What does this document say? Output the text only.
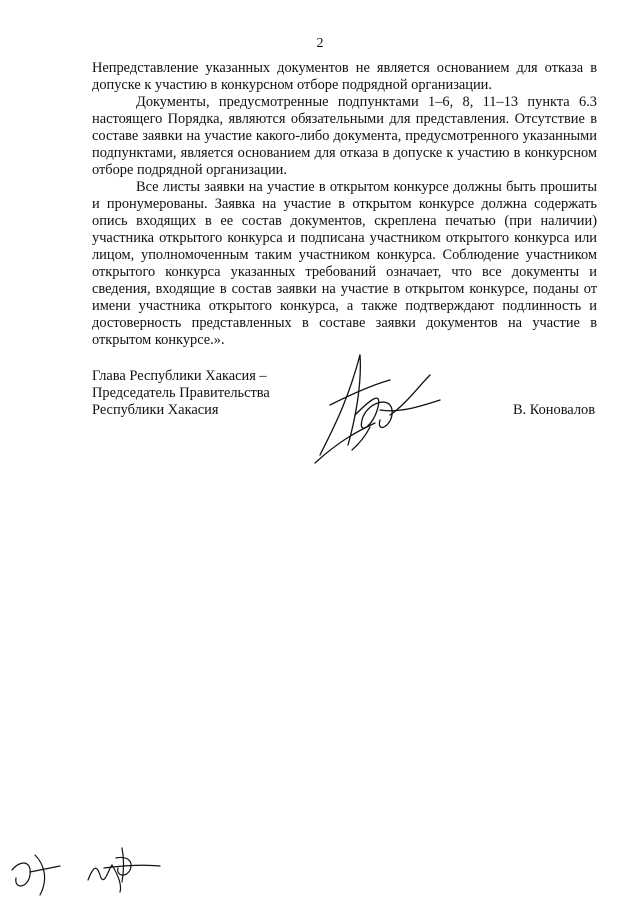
2

Непредставление указанных документов не является основанием для отказа в допуске к участию в конкурсном отборе подрядной организации.

Документы, предусмотренные подпунктами 1–6, 8, 11–13 пункта 6.3 настоящего Порядка, являются обязательными для представления. Отсутствие в составе заявки на участие какого-либо документа, предусмотренного указанными подпунктами, является основанием для отказа в допуске к участию в конкурсном отборе подрядной организации.

Все листы заявки на участие в открытом конкурсе должны быть прошиты и пронумерованы. Заявка на участие в открытом конкурсе должна содержать опись входящих в ее состав документов, скреплена печатью (при наличии) участника открытого конкурса и подписана участником открытого конкурса или лицом, уполномоченным таким участником конкурса. Соблюдение участником открытого конкурса указанных требований означает, что все документы и сведения, входящие в состав заявки на участие в открытом конкурсе, поданы от имени участника открытого конкурса, а также подтверждают подлинность и достоверность представленных в составе заявки документов на участие в открытом конкурсе.».

Глава Республики Хакасия –
Председатель Правительства
Республики Хакасия	В. Коновалов
